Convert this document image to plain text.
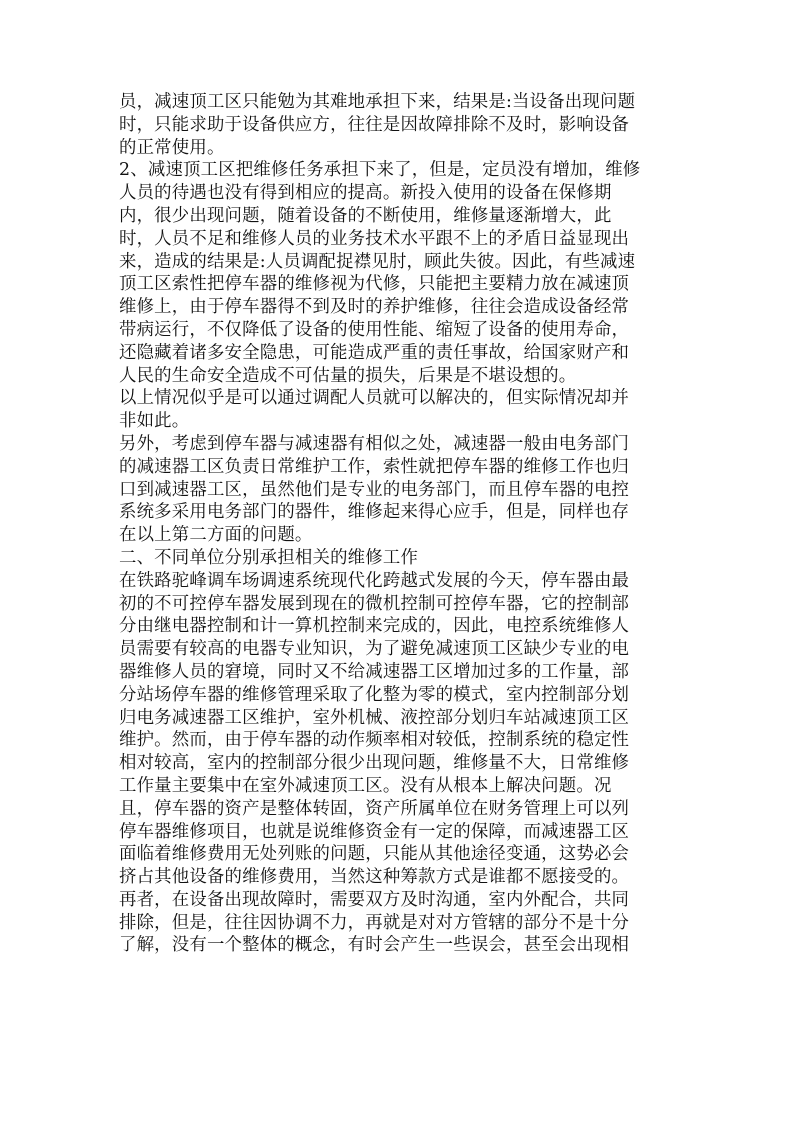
员，减速顶工区只能勉为其难地承担下来，结果是:当设备出现问题
时，只能求助于设备供应方，往往是因故障排除不及时，影响设备
的正常使用。
2、减速顶工区把维修任务承担下来了，但是，定员没有增加，维修
人员的待遇也没有得到相应的提高。新投入使用的设备在保修期
内，很少出现问题，随着设备的不断使用，维修量逐渐增大，此
时，人员不足和维修人员的业务技术水平跟不上的矛盾日益显现出
来，造成的结果是:人员调配捉襟见肘，顾此失彼。因此，有些减速
顶工区索性把停车器的维修视为代修，只能把主要精力放在减速顶
维修上，由于停车器得不到及时的养护维修，往往会造成设备经常
带病运行，不仅降低了设备的使用性能、缩短了设备的使用寿命，
还隐藏着诸多安全隐患，可能造成严重的责任事故，给国家财产和
人民的生命安全造成不可估量的损失，后果是不堪设想的。
以上情况似乎是可以通过调配人员就可以解决的，但实际情况却并
非如此。
另外，考虑到停车器与减速器有相似之处，减速器一般由电务部门
的减速器工区负责日常维护工作，索性就把停车器的维修工作也归
口到减速器工区，虽然他们是专业的电务部门，而且停车器的电控
系统多采用电务部门的器件，维修起来得心应手，但是，同样也存
在以上第二方面的问题。
二、不同单位分别承担相关的维修工作
在铁路驼峰调车场调速系统现代化跨越式发展的今天，停车器由最
初的不可控停车器发展到现在的微机控制可控停车器，它的控制部
分由继电器控制和计一算机控制来完成的，因此，电控系统维修人
员需要有较高的电器专业知识，为了避免减速顶工区缺少专业的电
器维修人员的窘境，同时又不给减速器工区增加过多的工作量，部
分站场停车器的维修管理采取了化整为零的模式，室内控制部分划
归电务减速器工区维护，室外机械、液控部分划归车站减速顶工区
维护。然而，由于停车器的动作频率相对较低，控制系统的稳定性
相对较高，室内的控制部分很少出现问题，维修量不大，日常维修
工作量主要集中在室外减速顶工区。没有从根本上解决问题。况
且，停车器的资产是整体转固，资产所属单位在财务管理上可以列
停车器维修项目，也就是说维修资金有一定的保障，而减速器工区
面临着维修费用无处列账的问题，只能从其他途径变通，这势必会
挤占其他设备的维修费用，当然这种筹款方式是谁都不愿接受的。
再者，在设备出现故障时，需要双方及时沟通，室内外配合，共同
排除，但是，往往因协调不力，再就是对对方管辖的部分不是十分
了解，没有一个整体的概念，有时会产生一些误会，甚至会出现相
